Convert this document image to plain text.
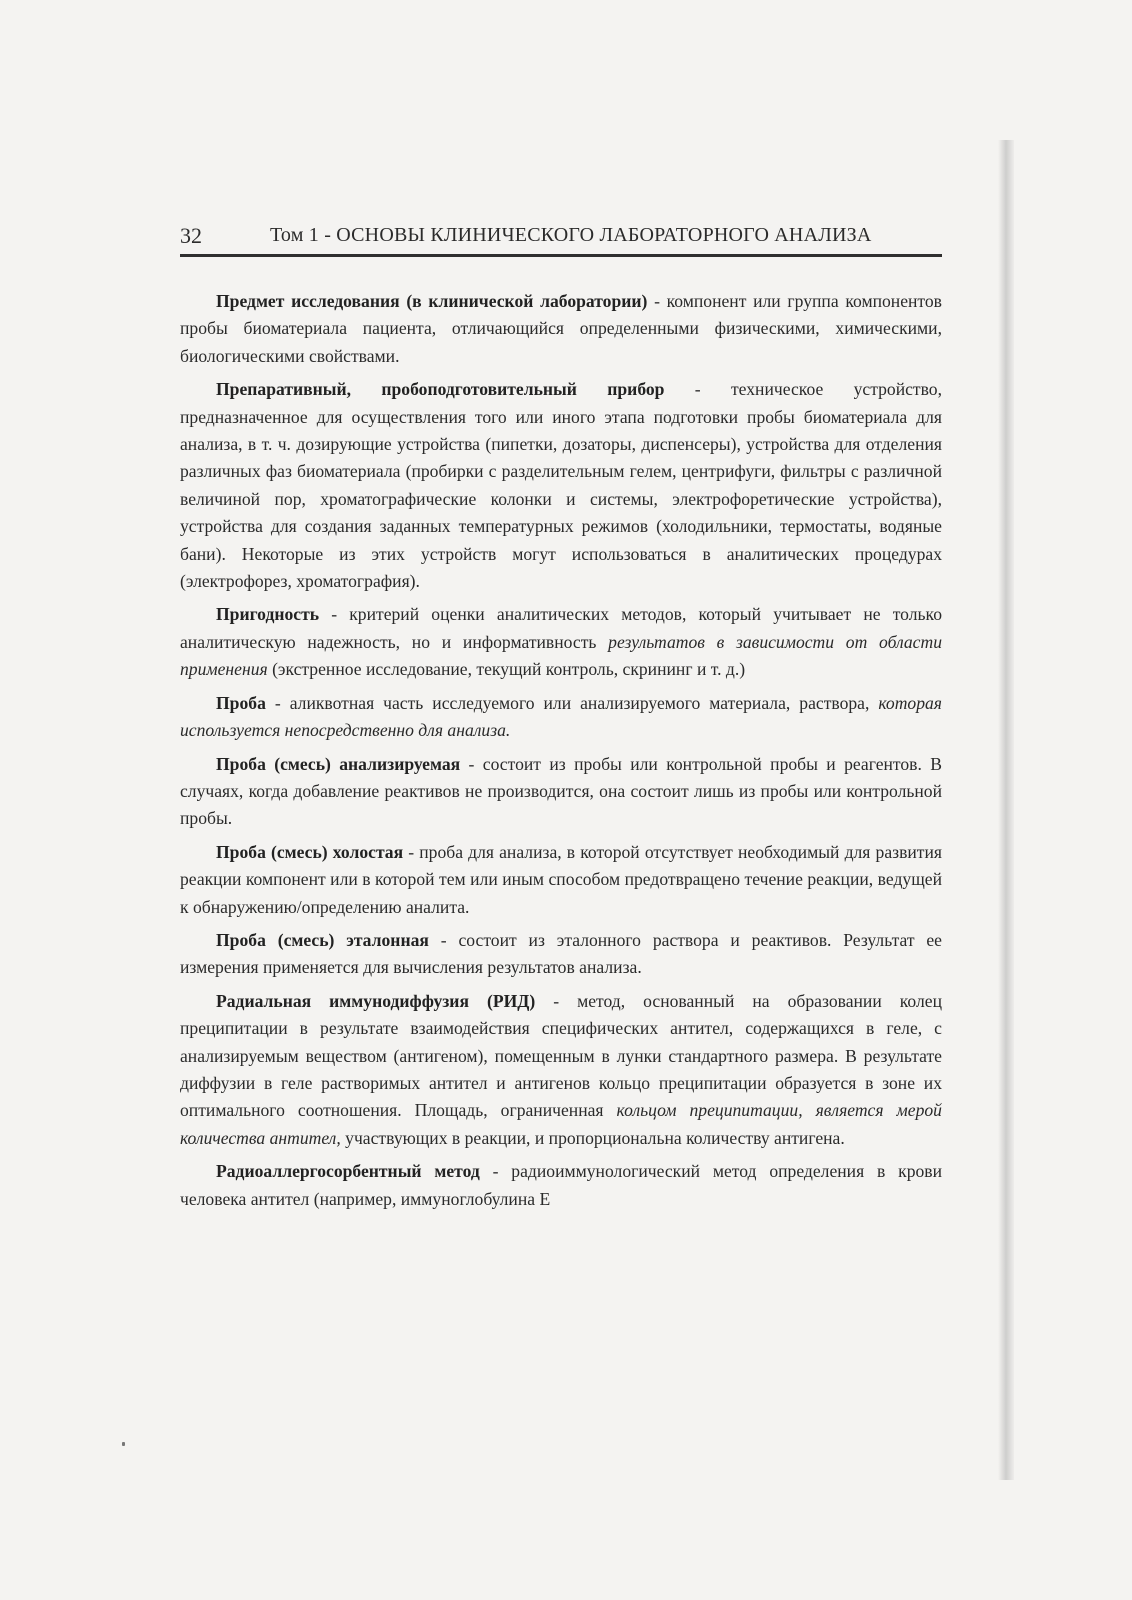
32	Том 1 - ОСНОВЫ КЛИНИЧЕСКОГО ЛАБОРАТОРНОГО АНАЛИЗА

Предмет исследования (в клинической лаборатории) - компонент или группа компонентов пробы биоматериала пациента, отличающийся определенными физическими, химическими, биологическими свойствами.

Препаративный, пробоподготовительный прибор - техническое устройство, предназначенное для осуществления того или иного этапа подготовки пробы биоматериала для анализа, в т. ч. дозирующие устройства (пипетки, дозаторы, диспенсеры), устройства для отделения различных фаз биоматериала (пробирки с разделительным гелем, центрифуги, фильтры с различной величиной пор, хроматографические колонки и системы, электрофоретические устройства), устройства для создания заданных температурных режимов (холодильники, термостаты, водяные бани). Некоторые из этих устройств могут использоваться в аналитических процедурах (электрофорез, хроматография).

Пригодность - критерий оценки аналитических методов, который учитывает не только аналитическую надежность, но и информативность результатов в зависимости от области применения (экстренное исследование, текущий контроль, скрининг и т. д.)

Проба - аликвотная часть исследуемого или анализируемого материала, раствора, которая используется непосредственно для анализа.

Проба (смесь) анализируемая - состоит из пробы или контрольной пробы и реагентов. В случаях, когда добавление реактивов не производится, она состоит лишь из пробы или контрольной пробы.

Проба (смесь) холостая - проба для анализа, в которой отсутствует необходимый для развития реакции компонент или в которой тем или иным способом предотвращено течение реакции, ведущей к обнаружению/определению аналита.

Проба (смесь) эталонная - состоит из эталонного раствора и реактивов. Результат ее измерения применяется для вычисления результатов анализа.

Радиальная иммунодиффузия (РИД) - метод, основанный на образовании колец преципитации в результате взаимодействия специфических антител, содержащихся в геле, с анализируемым веществом (антигеном), помещенным в лунки стандартного размера. В результате диффузии в геле растворимых антител и антигенов кольцо преципитации образуется в зоне их оптимального соотношения. Площадь, ограниченная кольцом преципитации, является мерой количества антител, участвующих в реакции, и пропорциональна количеству антигена.

Радиоаллергосорбентный метод - радиоиммунологический метод определения в крови человека антител (например, иммуноглобулина Е
